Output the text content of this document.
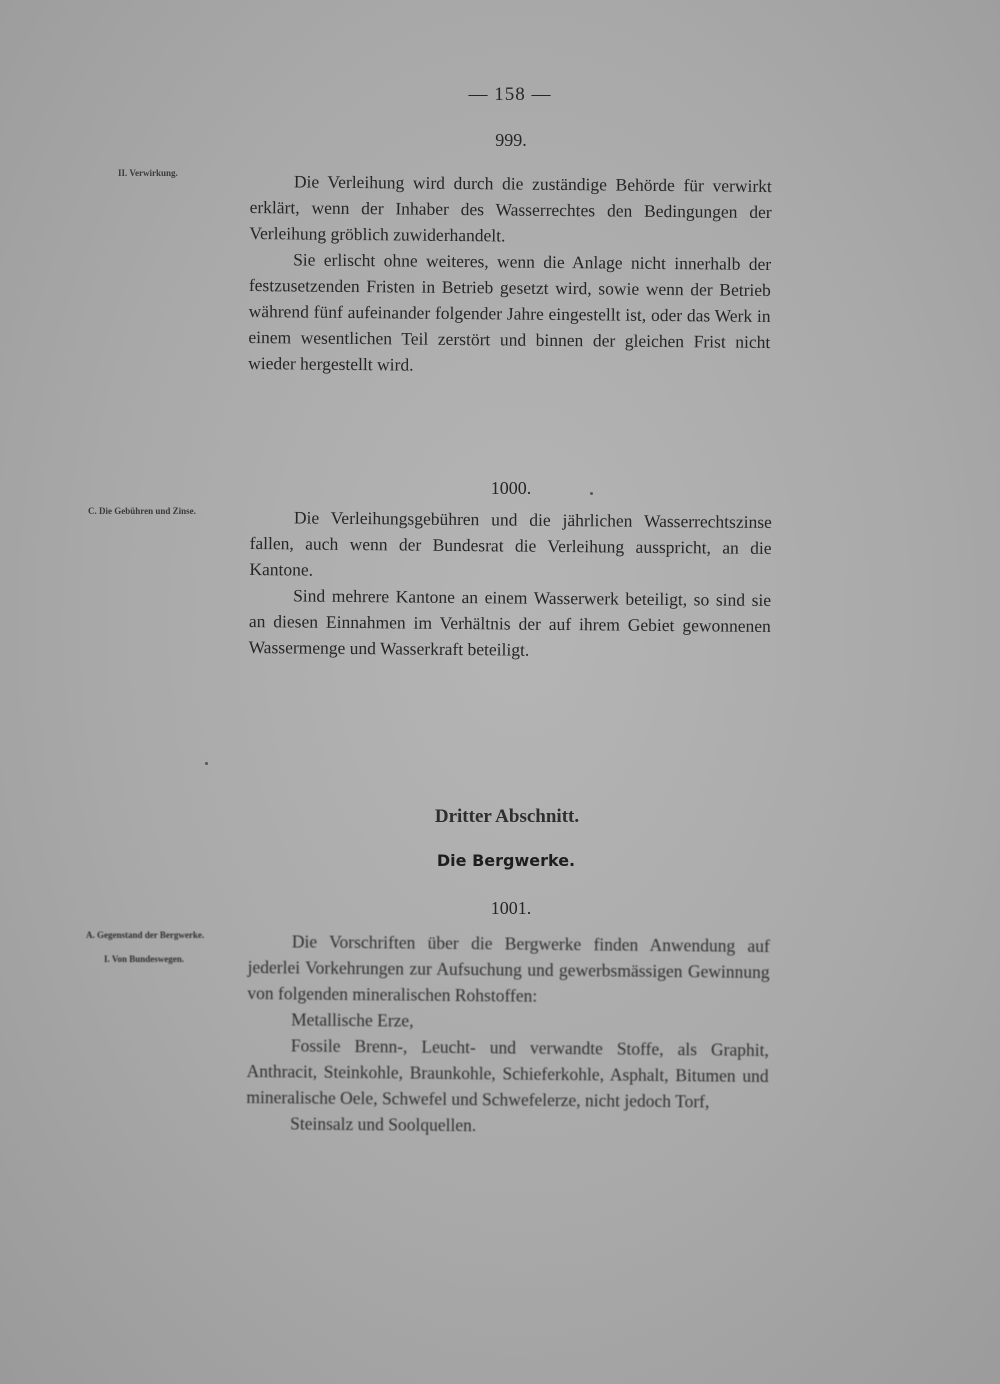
— 158 —
999.
II. Verwirkung.	Die Verleihung wird durch die zuständige Behörde für verwirkt erklärt, wenn der Inhaber des Wasserrechtes den Bedingungen der Verleihung gröblich zuwiderhandelt.

Sie erlischt ohne weiteres, wenn die Anlage nicht innerhalb der festzusetzenden Fristen in Betrieb gesetzt wird, sowie wenn der Betrieb während fünf aufeinander folgender Jahre eingestellt ist, oder das Werk in einem wesentlichen Teil zerstört und binnen der gleichen Frist nicht wieder hergestellt wird.

1000.
C. Die Gebühren und Zinse.	Die Verleihungsgebühren und die jährlichen Wasserrechtszinse fallen, auch wenn der Bundesrat die Verleihung ausspricht, an die Kantone.

Sind mehrere Kantone an einem Wasserwerk beteiligt, so sind sie an diesen Einnahmen im Verhältnis der auf ihrem Gebiet gewonnenen Wassermenge und Wasserkraft beteiligt.

Dritter Abschnitt.
Die Bergwerke.
1001.
A. Gegenstand der Bergwerke.
I. Von Bundeswegen.

Die Vorschriften über die Bergwerke finden Anwendung auf jederlei Vorkehrungen zur Aufsuchung und gewerbsmässigen Gewinnung von folgenden mineralischen Rohstoffen:

Metallische Erze,

Fossile Brenn-, Leucht- und verwandte Stoffe, als Graphit, Anthracit, Steinkohle, Braunkohle, Schieferkohle, Asphalt, Bitumen und mineralische Oele, Schwefel und Schwefelerze, nicht jedoch Torf,

Steinsalz und Soolquellen.
